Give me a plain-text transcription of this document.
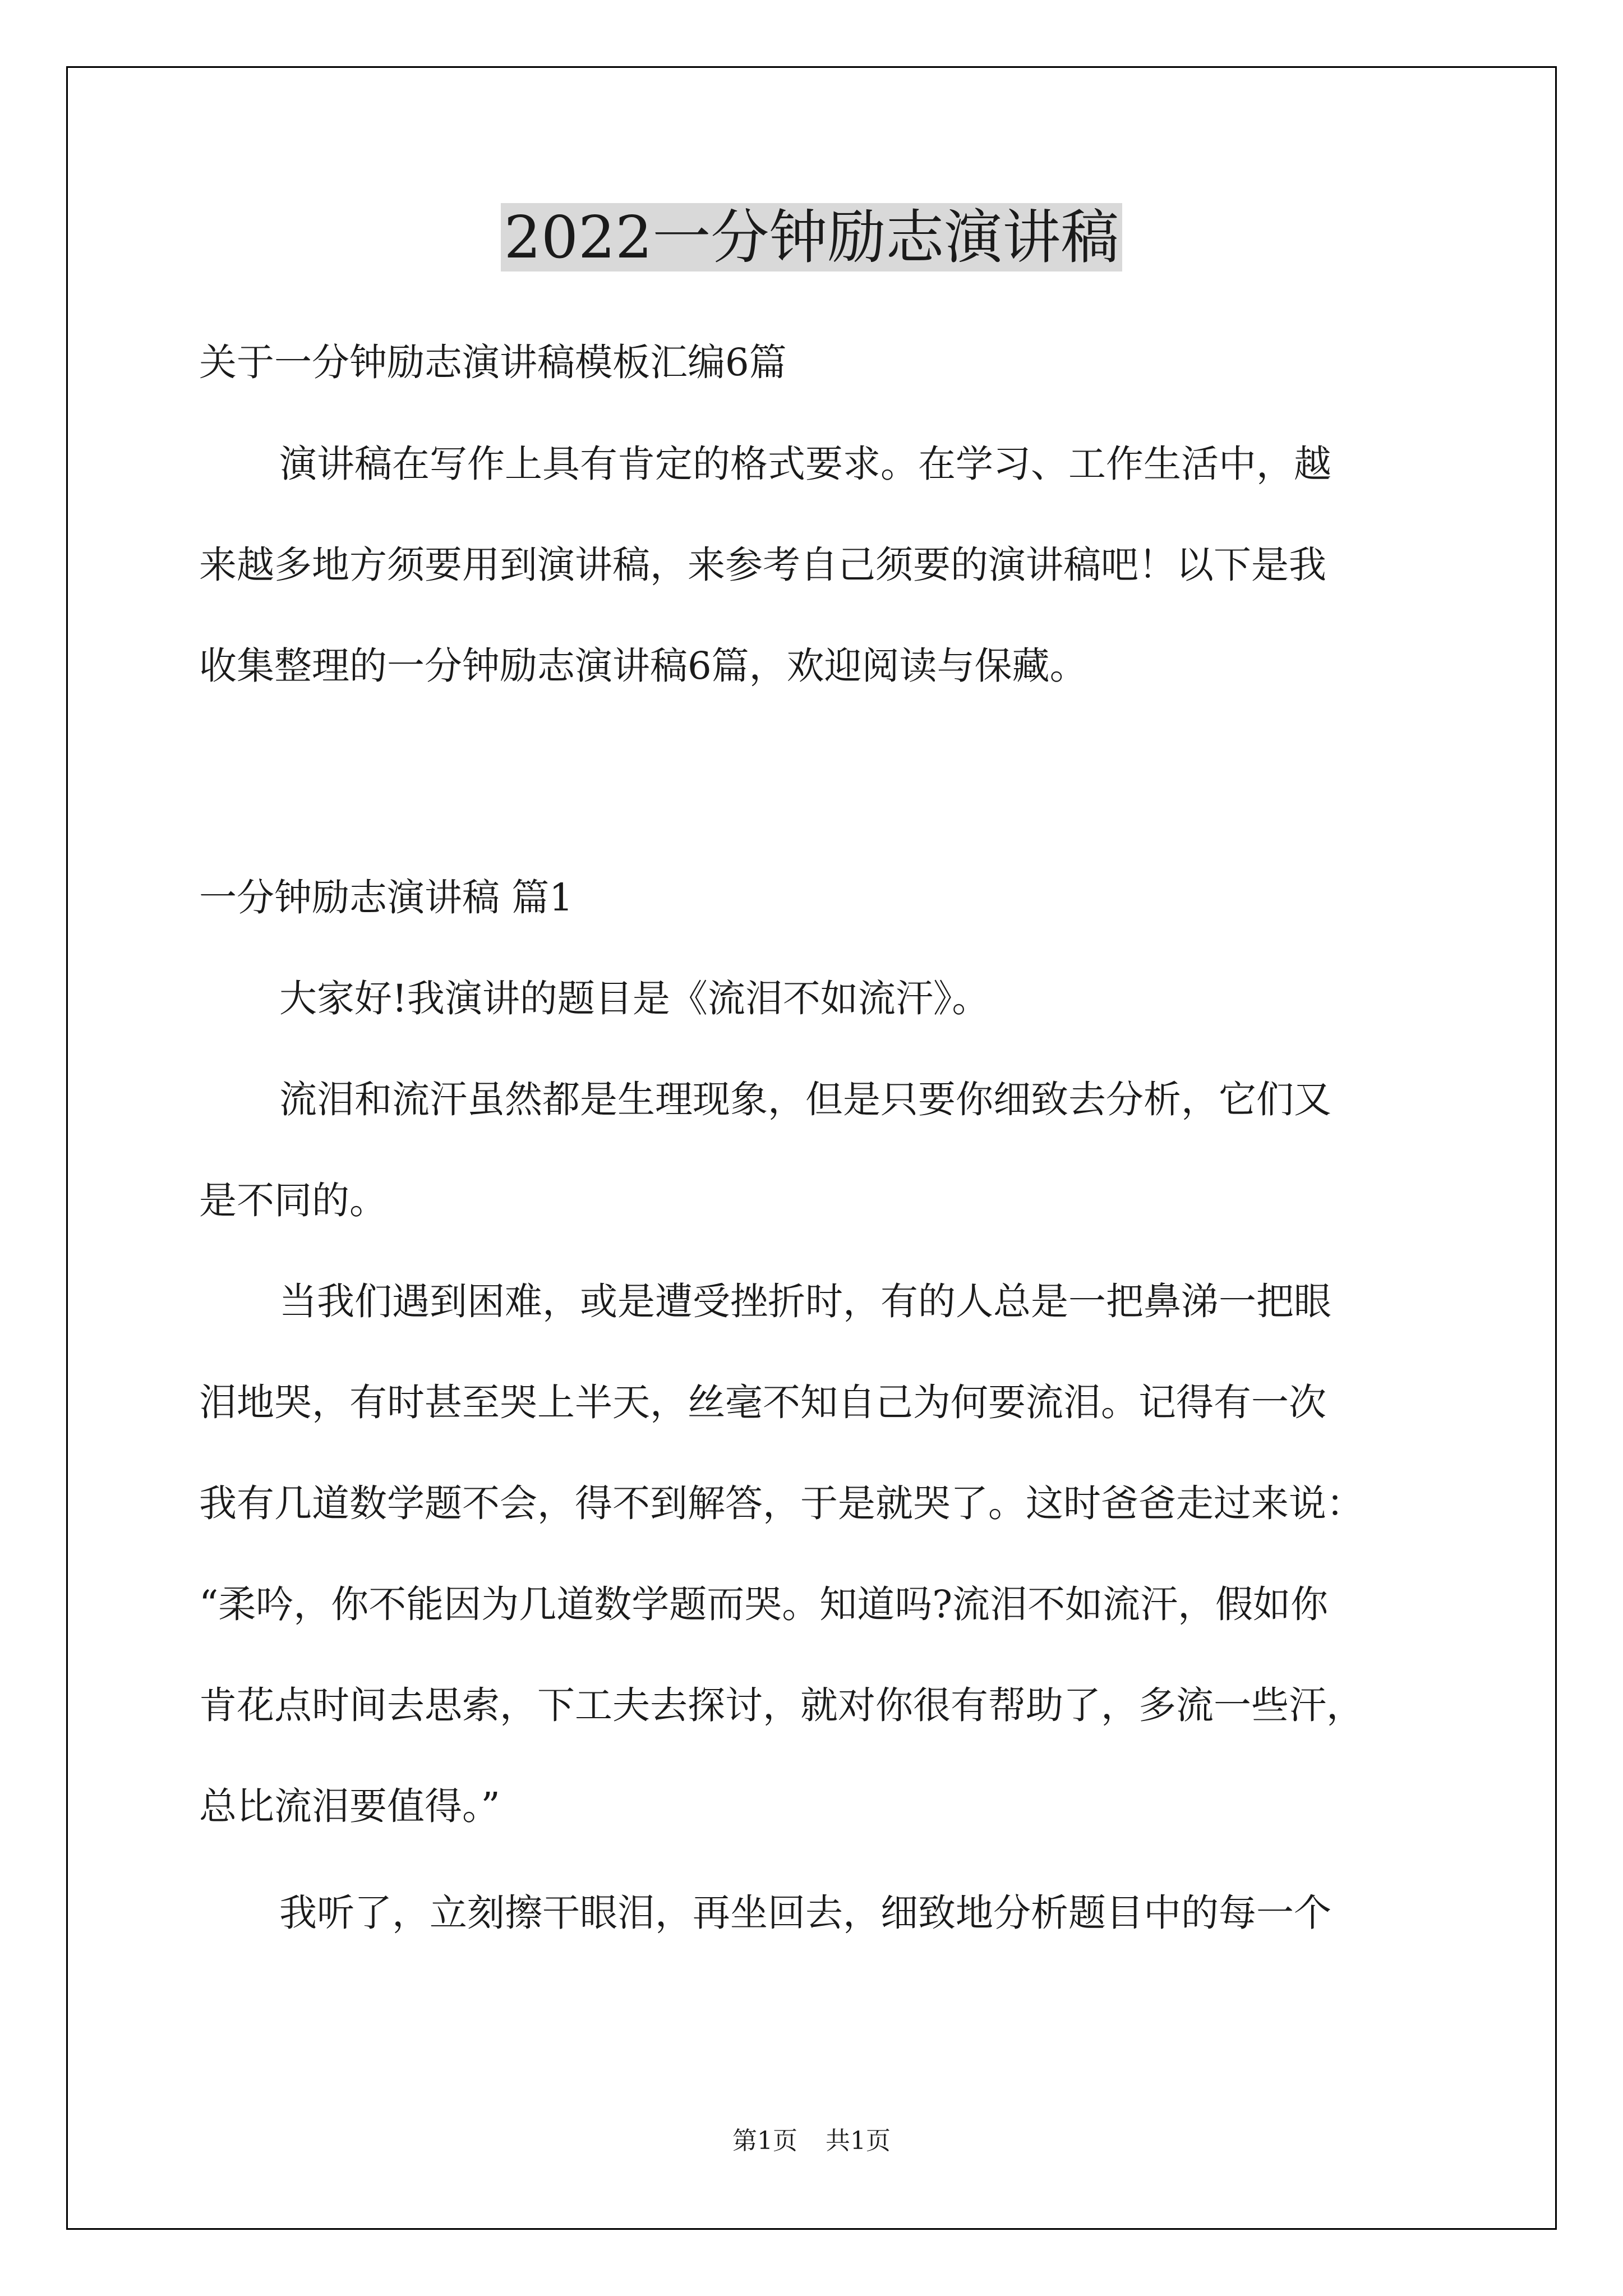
2022一分钟励志演讲稿
关于一分钟励志演讲稿模板汇编6篇
演讲稿在写作上具有肯定的格式要求。在学习、工作生活中，越
来越多地方须要用到演讲稿，来参考自己须要的演讲稿吧！以下是我
收集整理的一分钟励志演讲稿6篇，欢迎阅读与保藏。
一分钟励志演讲稿 篇1
大家好!我演讲的题目是《流泪不如流汗》。
流泪和流汗虽然都是生理现象，但是只要你细致去分析，它们又
是不同的。
当我们遇到困难，或是遭受挫折时，有的人总是一把鼻涕一把眼
泪地哭，有时甚至哭上半天，丝毫不知自己为何要流泪。记得有一次
我有几道数学题不会，得不到解答，于是就哭了。这时爸爸走过来说：
“柔吟，你不能因为几道数学题而哭。知道吗?流泪不如流汗，假如你
肯花点时间去思索，下工夫去探讨，就对你很有帮助了，多流一些汗，
总比流泪要值得。”
我听了，立刻擦干眼泪，再坐回去，细致地分析题目中的每一个
第1页 共1页
